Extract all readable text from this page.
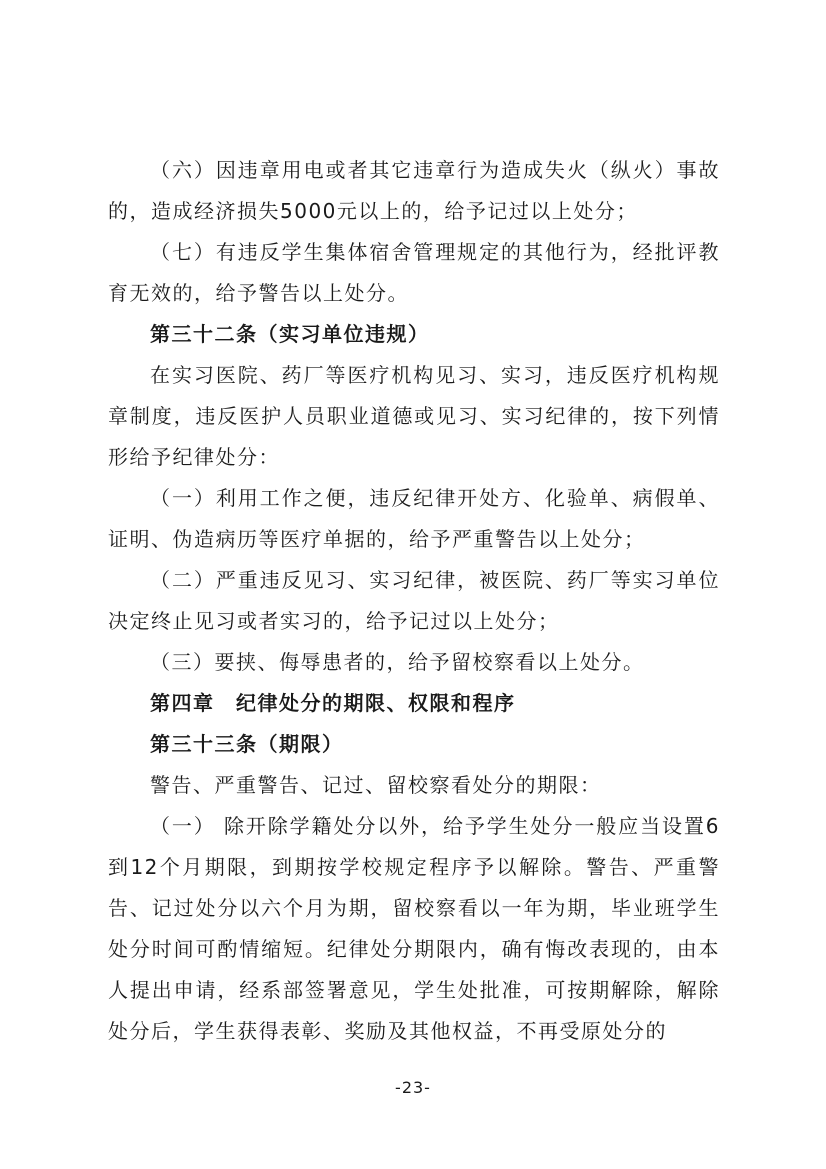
（六）因违章用电或者其它违章行为造成失火（纵火）事故的，造成经济损失5000元以上的，给予记过以上处分；

（七）有违反学生集体宿舍管理规定的其他行为，经批评教育无效的，给予警告以上处分。

第三十二条（实习单位违规）

在实习医院、药厂等医疗机构见习、实习，违反医疗机构规章制度，违反医护人员职业道德或见习、实习纪律的，按下列情形给予纪律处分：

（一）利用工作之便，违反纪律开处方、化验单、病假单、证明、伪造病历等医疗单据的，给予严重警告以上处分；

（二）严重违反见习、实习纪律，被医院、药厂等实习单位决定终止见习或者实习的，给予记过以上处分；

（三）要挟、侮辱患者的，给予留校察看以上处分。

第四章　纪律处分的期限、权限和程序

第三十三条（期限）

警告、严重警告、记过、留校察看处分的期限：

（一） 除开除学籍处分以外，给予学生处分一般应当设置6到12个月期限，到期按学校规定程序予以解除。警告、严重警告、记过处分以六个月为期，留校察看以一年为期，毕业班学生处分时间可酌情缩短。纪律处分期限内，确有悔改表现的，由本人提出申请，经系部签署意见，学生处批准，可按期解除，解除处分后，学生获得表彰、奖励及其他权益，不再受原处分的

-23-
